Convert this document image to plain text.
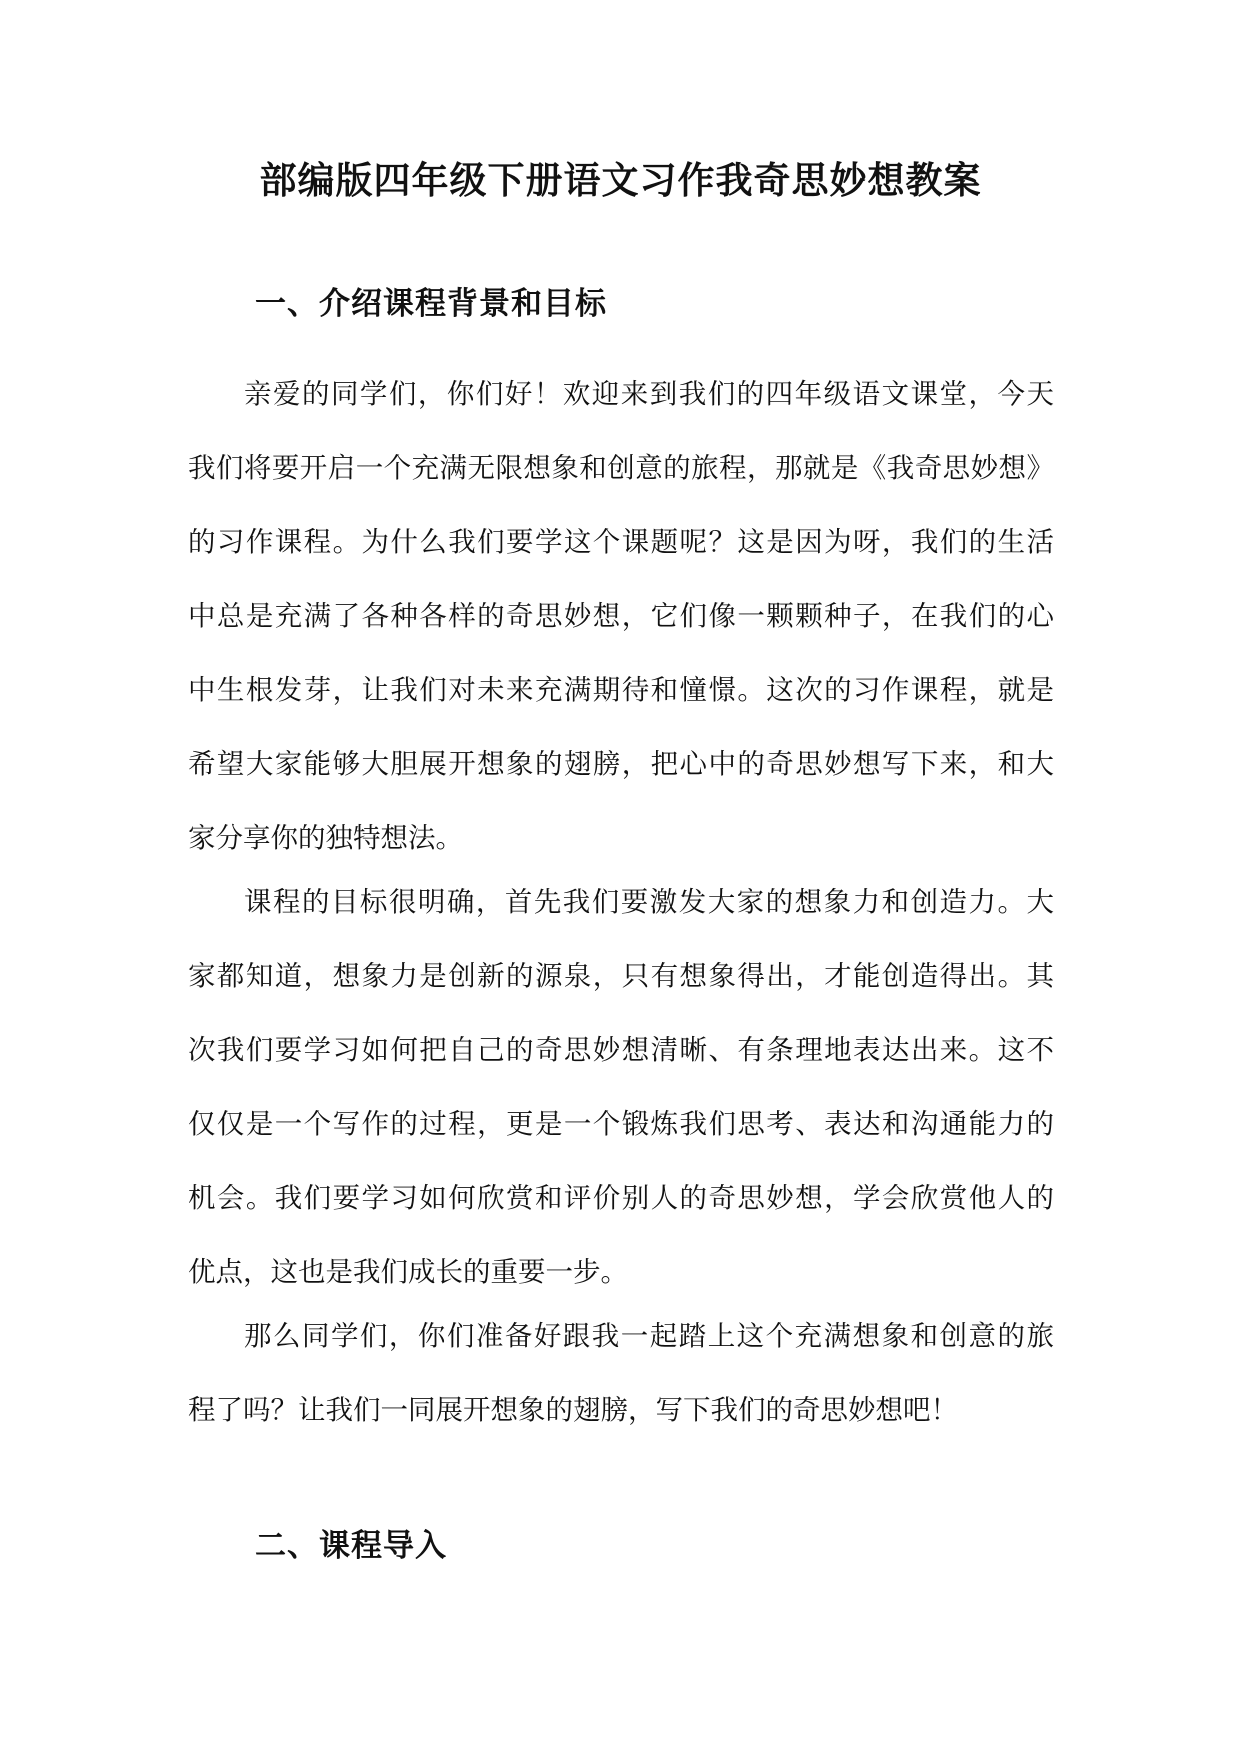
部编版四年级下册语文习作我奇思妙想教案
一、介绍课程背景和目标
亲爱的同学们，你们好！欢迎来到我们的四年级语文课堂，今天
我们将要开启一个充满无限想象和创意的旅程，那就是《我奇思妙想》
的习作课程。为什么我们要学这个课题呢？这是因为呀，我们的生活
中总是充满了各种各样的奇思妙想，它们像一颗颗种子，在我们的心
中生根发芽，让我们对未来充满期待和憧憬。这次的习作课程，就是
希望大家能够大胆展开想象的翅膀，把心中的奇思妙想写下来，和大
家分享你的独特想法。
课程的目标很明确，首先我们要激发大家的想象力和创造力。大
家都知道，想象力是创新的源泉，只有想象得出，才能创造得出。其
次我们要学习如何把自己的奇思妙想清晰、有条理地表达出来。这不
仅仅是一个写作的过程，更是一个锻炼我们思考、表达和沟通能力的
机会。我们要学习如何欣赏和评价别人的奇思妙想，学会欣赏他人的
优点，这也是我们成长的重要一步。
那么同学们，你们准备好跟我一起踏上这个充满想象和创意的旅
程了吗？让我们一同展开想象的翅膀，写下我们的奇思妙想吧！
二、课程导入
